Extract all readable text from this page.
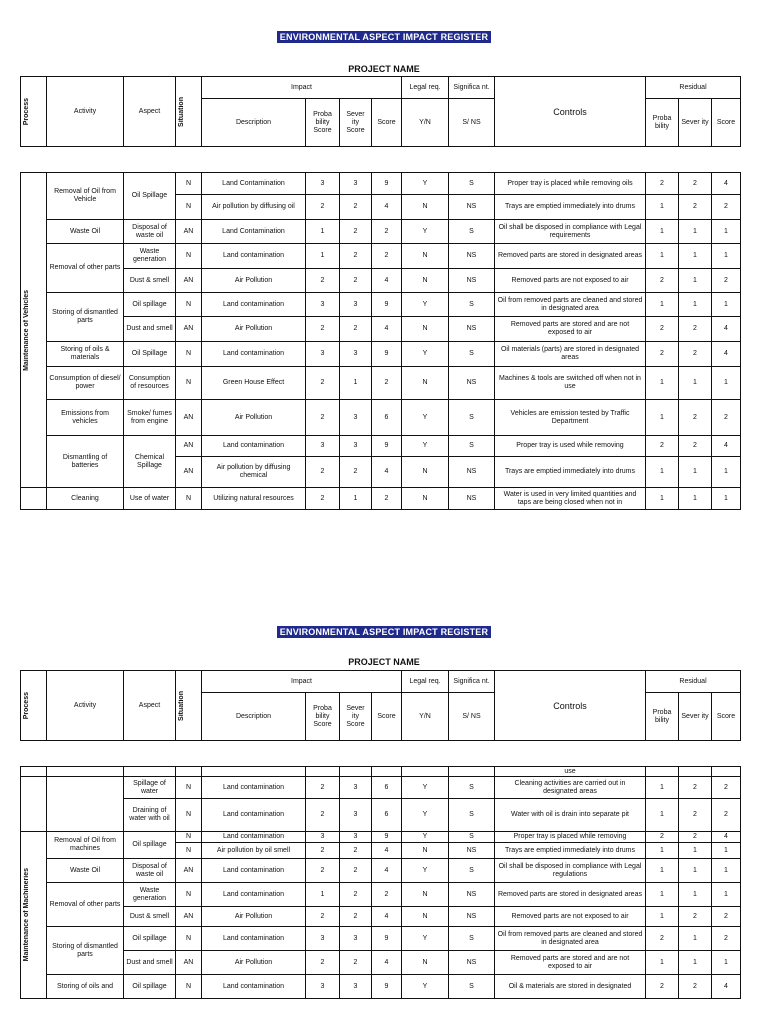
ENVIRONMENTAL ASPECT IMPACT REGISTER
PROJECT NAME
Process	Activity	Aspect	Situation	Impact				Legal req.	Significa nt.	Controls	Residual		
				Description	Proba bility Score	Sever ity Score	Score	Y/N	S/ NS		Proba bility	Sever ity	Score
Maintenance of Vehicles	Removal of Oil from Vehicle	Oil Spillage	N	Land Contamination	3	3	9	Y	S	Proper tray is placed while removing oils	2	2	4
			N	Air pollution by diffusing oil	2	2	4	N	NS	Trays are emptied immediately into drums	1	2	2
	Waste Oil	Disposal of waste oil	AN	Land Contamination	1	2	2	Y	S	Oil shall be disposed in compliance with Legal requirements	1	1	1
	Removal of other parts	Waste generation	N	Land contamination	1	2	2	N	NS	Removed parts are stored in designated areas	1	1	1
		Dust & smell	AN	Air Pollution	2	2	4	N	NS	Removed parts are not exposed to air	2	1	2
	Storing of dismantled parts	Oil spillage	N	Land contamination	3	3	9	Y	S	Oil from removed parts are cleaned and stored in designated area	1	1	1
		Dust and smell	AN	Air Pollution	2	2	4	N	NS	Removed parts are stored and are not exposed to air	2	2	4
	Storing of oils & materials	Oil Spillage	N	Land contamination	3	3	9	Y	S	Oil materials (parts) are stored in designated areas	2	2	4
	Consumption of diesel/ power	Consumption of resources	N	Green House Effect	2	1	2	N	NS	Machines & tools are switched off when not in use	1	1	1
	Emissions from vehicles	Smoke/ fumes from engine	AN	Air Pollution	2	3	6	Y	S	Vehicles are emission tested by Traffic Department	1	2	2
	Dismantling of batteries	Chemical Spillage	AN	Land contamination	3	3	9	Y	S	Proper tray is used while removing	2	2	4
			AN	Air pollution by diffusing chemical	2	2	4	N	NS	Trays are emptied immediately into drums	1	1	1
	Cleaning	Use of water	N	Utilizing natural resources	2	1	2	N	NS	Water is used in very limited quantities and taps are being closed when not in	1	1	1
ENVIRONMENTAL ASPECT IMPACT REGISTER
PROJECT NAME
Process	Activity	Aspect	Situation	Impact				Legal req.	Significa nt.	Controls	Residual		
				Description	Proba bility Score	Sever ity Score	Score	Y/N	S/ NS		Proba bility	Sever ity	Score
										use			
		Spillage of water	N	Land contamination	2	3	6	Y	S	Cleaning activities are carried out in designated areas	1	2	2
		Draining of water with oil	N	Land contamination	2	3	6	Y	S	Water with oil is drain into separate pit	1	2	2

Maintenance of Machineries	Removal of Oil from machines	Oil spillage	N	Land contamination	3	3	9	Y	S	Proper tray is placed while removing	2	2	4
			N	Air pollution by oil smell	2	2	4	N	NS	Trays are emptied immediately into drums	1	1	1
	Waste Oil	Disposal of waste oil	AN	Land contamination	2	2	4	Y	S	Oil shall be disposed in compliance with Legal regulations	1	1	1
	Removal of other parts	Waste generation	N	Land contamination	1	2	2	N	NS	Removed parts are stored in designated areas	1	1	1
		Dust & smell	AN	Air Pollution	2	2	4	N	NS	Removed parts are not exposed to air	1	2	2
	Storing of dismantled parts	Oil spillage	N	Land contamination	3	3	9	Y	S	Oil from removed parts are cleaned and stored in designated area	2	1	2
		Dust and smell	AN	Air Pollution	2	2	4	N	NS	Removed parts are stored and are not exposed to air	1	1	1
	Storing of oils and	Oil spillage	N	Land contamination	3	3	9	Y	S	Oil & materials are stored in designated	2	2	4
